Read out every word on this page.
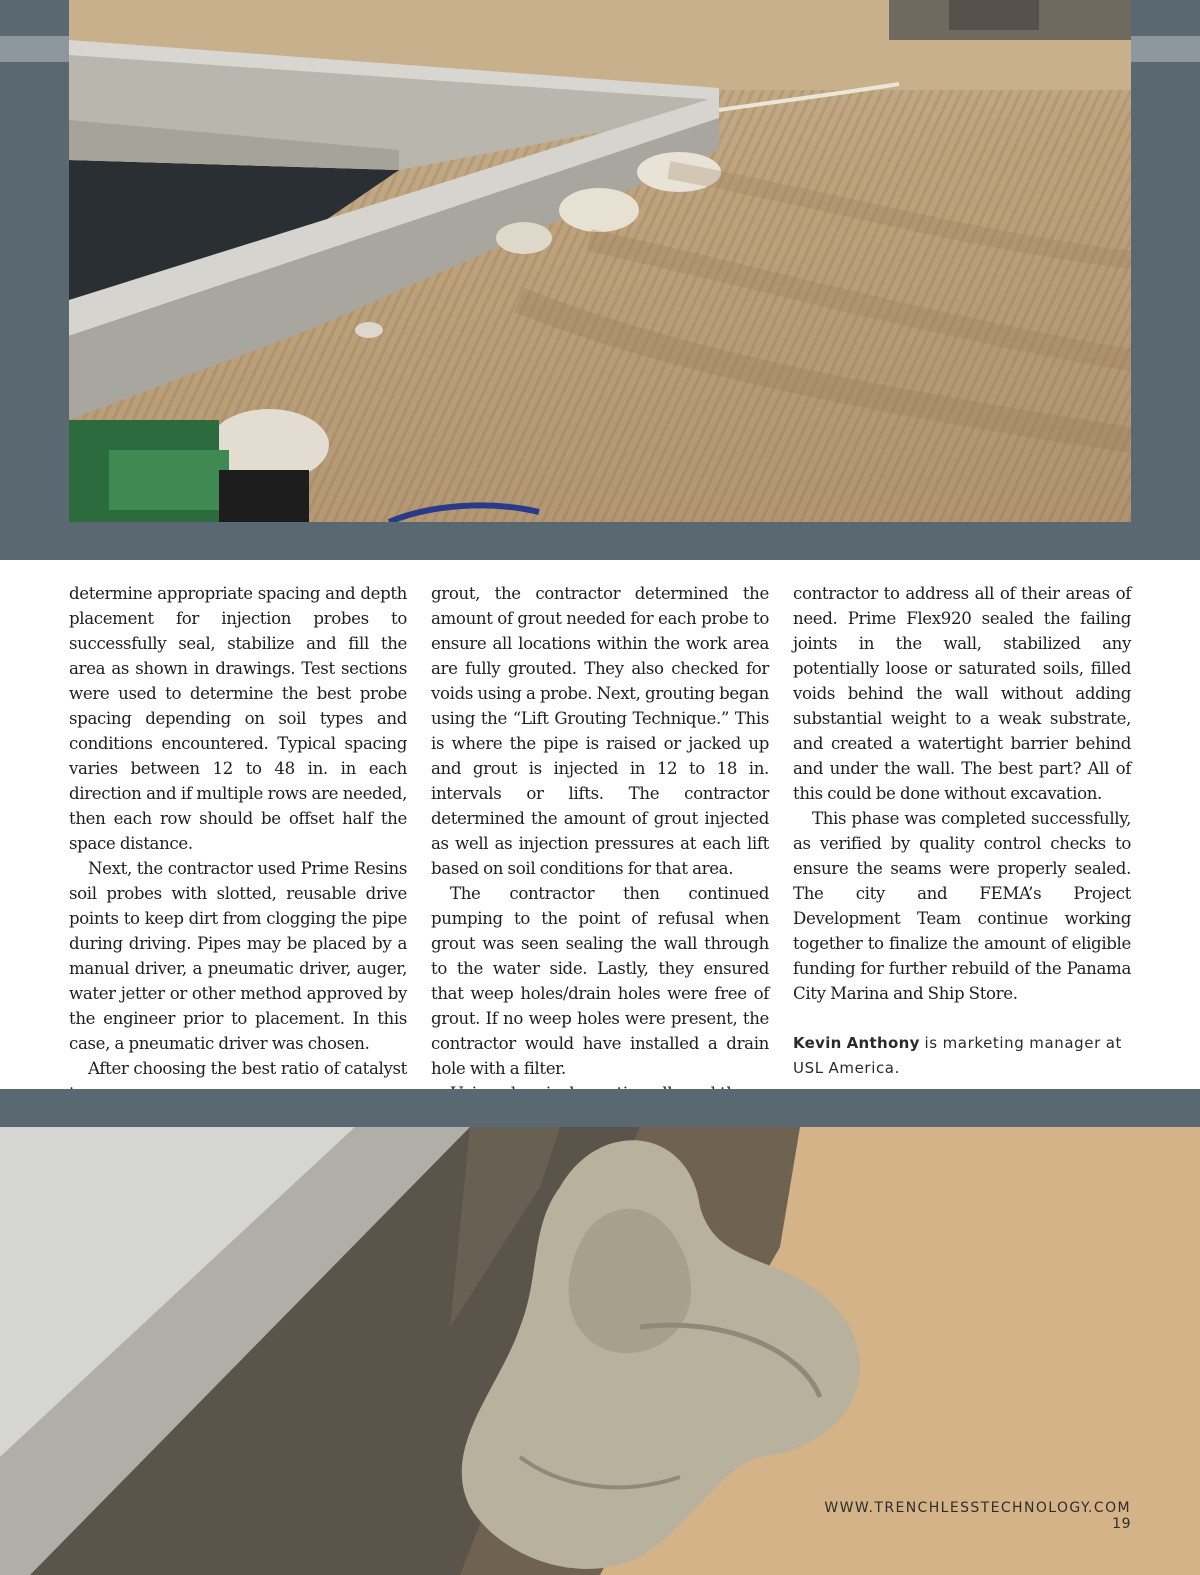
determine appropriate spacing and depth placement for injection probes to successfully seal, stabilize and fill the area as shown in drawings. Test sections were used to determine the best probe spacing depending on soil types and conditions encountered. Typical spacing varies between 12 to 48 in. in each direction and if multiple rows are needed, then each row should be offset half the space distance.

Next, the contractor used Prime Resins soil probes with slotted, reusable drive points to keep dirt from clogging the pipe during driving. Pipes may be placed by a manual driver, a pneumatic driver, auger, water jetter or other method approved by the engineer prior to placement. In this case, a pneumatic driver was chosen.

After choosing the best ratio of catalyst

grout, the contractor determined the amount of grout needed for each probe to ensure all locations within the work area are fully grouted. They also checked for voids using a probe. Next, grouting began using the “Lift Grouting Technique.” This is where the pipe is raised or jacked up and grout is injected in 12 to 18 in. intervals or lifts. The contractor determined the amount of grout injected as well as injection pressures at each lift based on soil conditions for that area.

The contractor then continued pumping to the point of refusal when grout was seen sealing the wall through to the water side. Lastly, they ensured that weep holes/drain holes were free of grout. If no weep holes were present, the contractor would have installed a drain hole with a filter.

contractor to address all of their areas of need. Prime Flex920 sealed the failing joints in the wall, stabilized any potentially loose or saturated soils, filled voids behind the wall without adding substantial weight to a weak substrate, and created a watertight barrier behind and under the wall. The best part? All of this could be done without excavation.

This phase was completed successfully, as verified by quality control checks to ensure the seams were properly sealed. The city and FEMA’s Project Development Team continue working together to finalize the amount of eligible funding for further rebuild of the Panama City Marina and Ship Store.

Kevin Anthony is marketing manager at USL America.

WWW.TRENCHLESSTECHNOLOGY.COM19
